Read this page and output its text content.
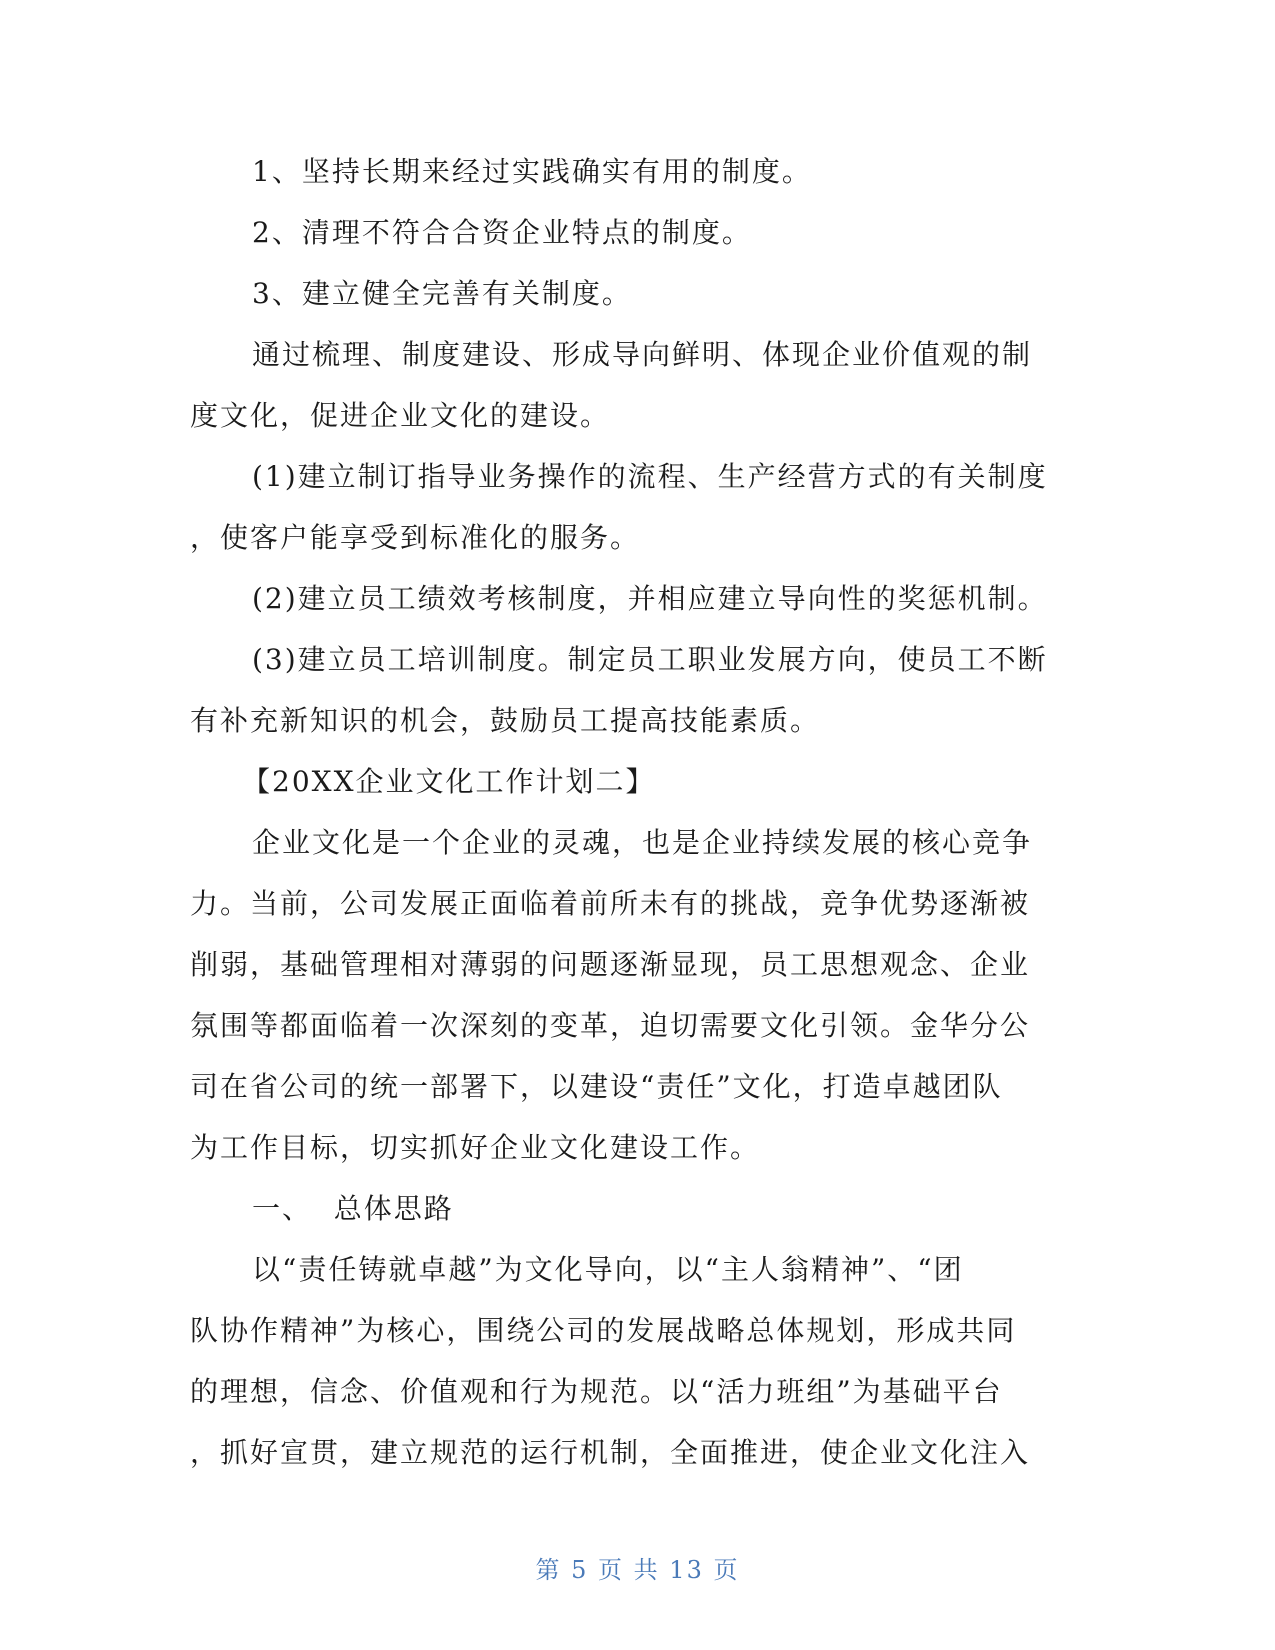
1、坚持长期来经过实践确实有用的制度。
2、清理不符合合资企业特点的制度。
3、建立健全完善有关制度。
通过梳理、制度建设、形成导向鲜明、体现企业价值观的制
度文化，促进企业文化的建设。
(1)建立制订指导业务操作的流程、生产经营方式的有关制度
，使客户能享受到标准化的服务。
(2)建立员工绩效考核制度，并相应建立导向性的奖惩机制。
(3)建立员工培训制度。制定员工职业发展方向，使员工不断
有补充新知识的机会，鼓励员工提高技能素质。
【20XX企业文化工作计划二】
企业文化是一个企业的灵魂，也是企业持续发展的核心竞争
力。当前，公司发展正面临着前所未有的挑战，竞争优势逐渐被
削弱，基础管理相对薄弱的问题逐渐显现，员工思想观念、企业
氛围等都面临着一次深刻的变革，迫切需要文化引领。金华分公
司在省公司的统一部署下，以建设“责任”文化，打造卓越团队
为工作目标，切实抓好企业文化建设工作。
一、  总体思路
以“责任铸就卓越”为文化导向，以“主人翁精神”、“团
队协作精神”为核心，围绕公司的发展战略总体规划，形成共同
的理想，信念、价值观和行为规范。以“活力班组”为基础平台
，抓好宣贯，建立规范的运行机制，全面推进，使企业文化注入
第 5 页 共 13 页
